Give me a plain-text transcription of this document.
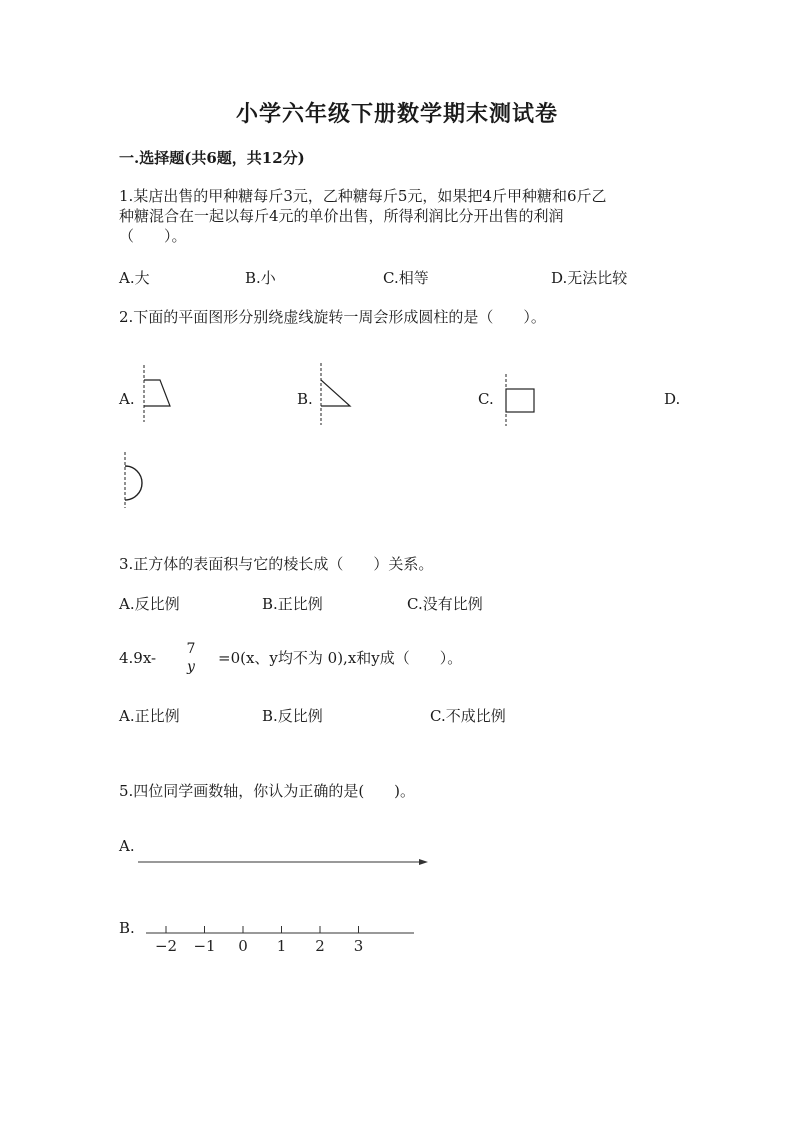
小学六年级下册数学期末测试卷
一.选择题(共6题，共12分)
1.某店出售的甲种糖每斤3元，乙种糖每斤5元，如果把4斤甲种糖和6斤乙
种糖混合在一起以每斤4元的单价出售，所得利润比分开出售的利润
（　　）。
A.大	B.小	C.相等	D.无法比较
2.下面的平面图形分别绕虚线旋转一周会形成圆柱的是（　　）。
A.	B.	C.	D.
3.正方体的表面积与它的棱长成（　　）关系。
A.反比例	B.正比例	C.没有比例
4.9x- 7
y =0(x、y均不为 0),x和y成（　　）。
A.正比例	B.反比例	C.不成比例
5.四位同学画数轴，你认为正确的是(　　)。
A.
B.
−2 −1 0 1 2 3
